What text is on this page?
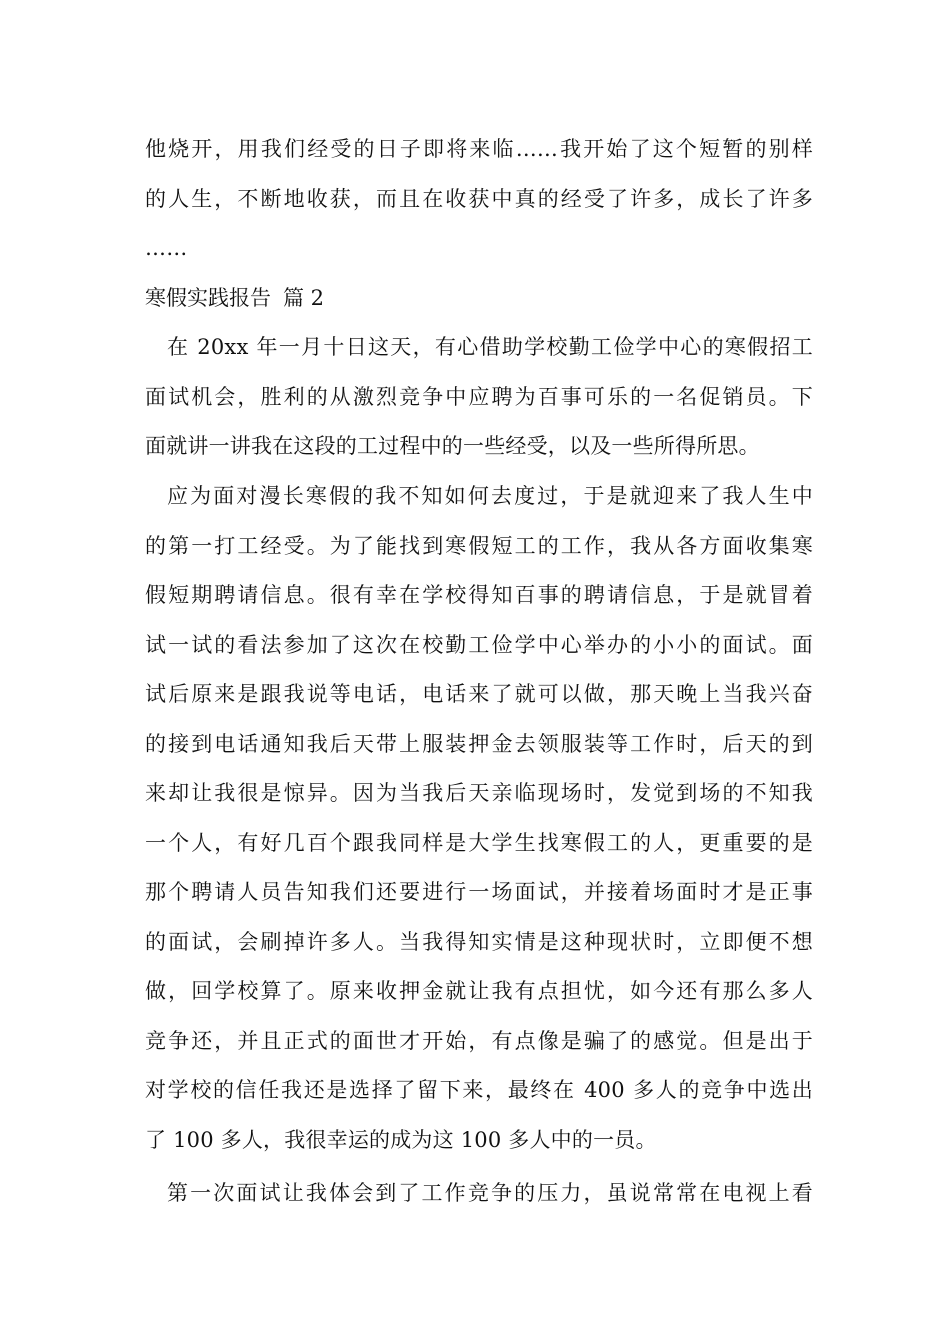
他烧开，用我们经受的日子即将来临……我开始了这个短暂的别样
的人生，不断地收获，而且在收获中真的经受了许多，成长了许多
……
寒假实践报告 篇 2
在 20xx 年一月十日这天，有心借助学校勤工俭学中心的寒假招工
面试机会，胜利的从激烈竞争中应聘为百事可乐的一名促销员。下
面就讲一讲我在这段的工过程中的一些经受，以及一些所得所思。
应为面对漫长寒假的我不知如何去度过，于是就迎来了我人生中
的第一打工经受。为了能找到寒假短工的工作，我从各方面收集寒
假短期聘请信息。很有幸在学校得知百事的聘请信息，于是就冒着
试一试的看法参加了这次在校勤工俭学中心举办的小小的面试。面
试后原来是跟我说等电话，电话来了就可以做，那天晚上当我兴奋
的接到电话通知我后天带上服装押金去领服装等工作时，后天的到
来却让我很是惊异。因为当我后天亲临现场时，发觉到场的不知我
一个人，有好几百个跟我同样是大学生找寒假工的人，更重要的是
那个聘请人员告知我们还要进行一场面试，并接着场面时才是正事
的面试，会刷掉许多人。当我得知实情是这种现状时，立即便不想
做，回学校算了。原来收押金就让我有点担忧，如今还有那么多人
竞争还，并且正式的面世才开始，有点像是骗了的感觉。但是出于
对学校的信任我还是选择了留下来，最终在 400 多人的竞争中选出
了 100 多人，我很幸运的成为这 100 多人中的一员。
第一次面试让我体会到了工作竞争的压力，虽说常常在电视上看
